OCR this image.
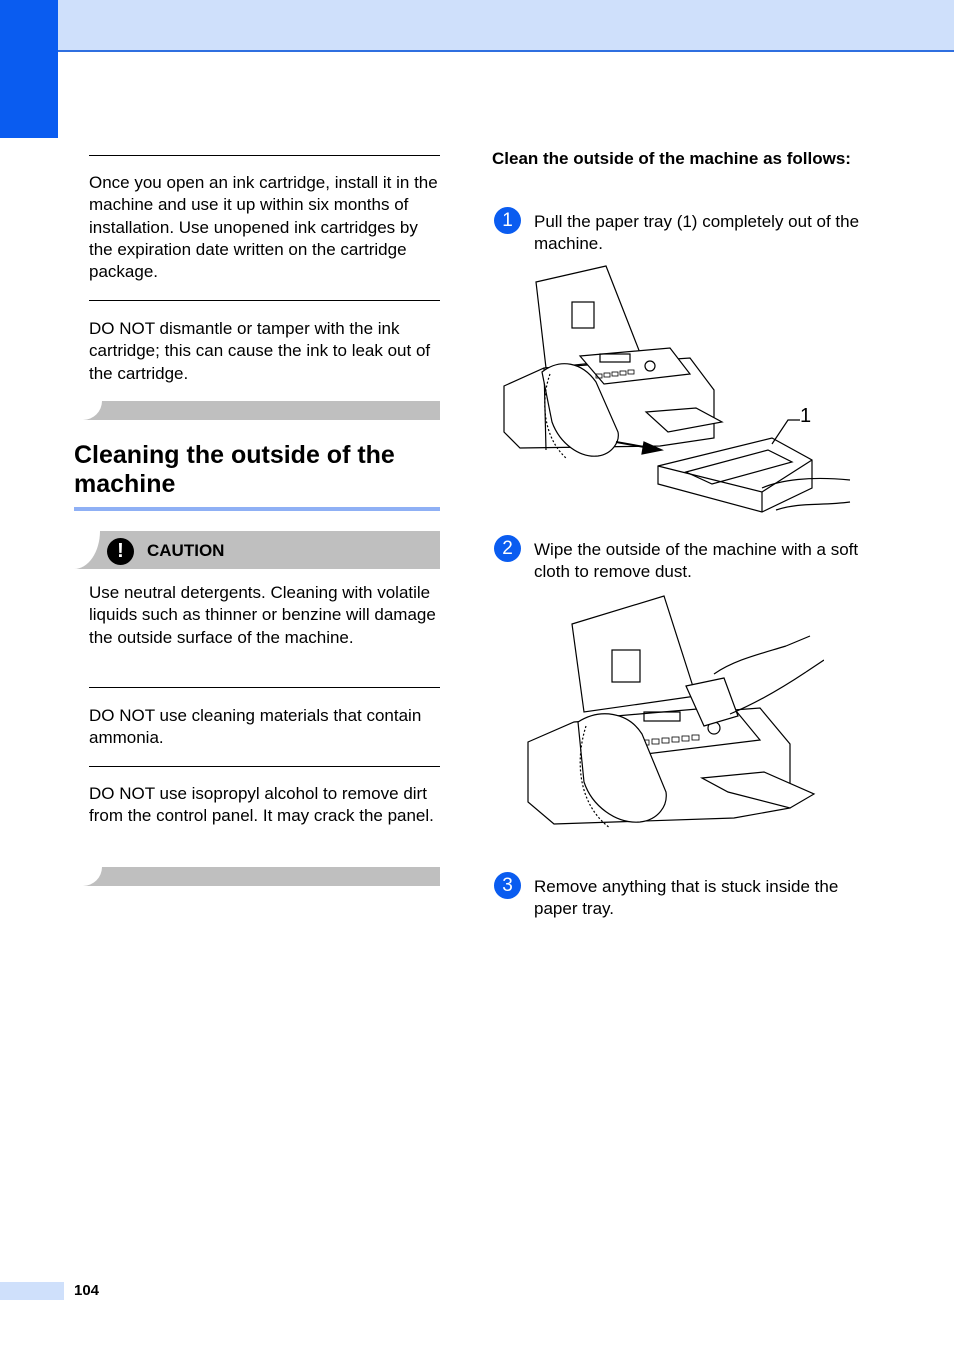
Once you open an ink cartridge, install it in the machine and use it up within six months of installation. Use unopened ink cartridges by the expiration date written on the cartridge package.

DO NOT dismantle or tamper with the ink cartridge; this can cause the ink to leak out of the cartridge.

Cleaning the outside of the machine
!	CAUTION

Use neutral detergents. Cleaning with volatile liquids such as thinner or benzine will damage the outside surface of the machine.

DO NOT use cleaning materials that contain ammonia.

DO NOT use isopropyl alcohol to remove dirt from the control panel. It may crack the panel.

Clean the outside of the machine as follows:

1	Pull the paper tray (1) completely out of the machine.

1
2	Wipe the outside of the machine with a soft cloth to remove dust.

3	Remove anything that is stuck inside the paper tray.

104
